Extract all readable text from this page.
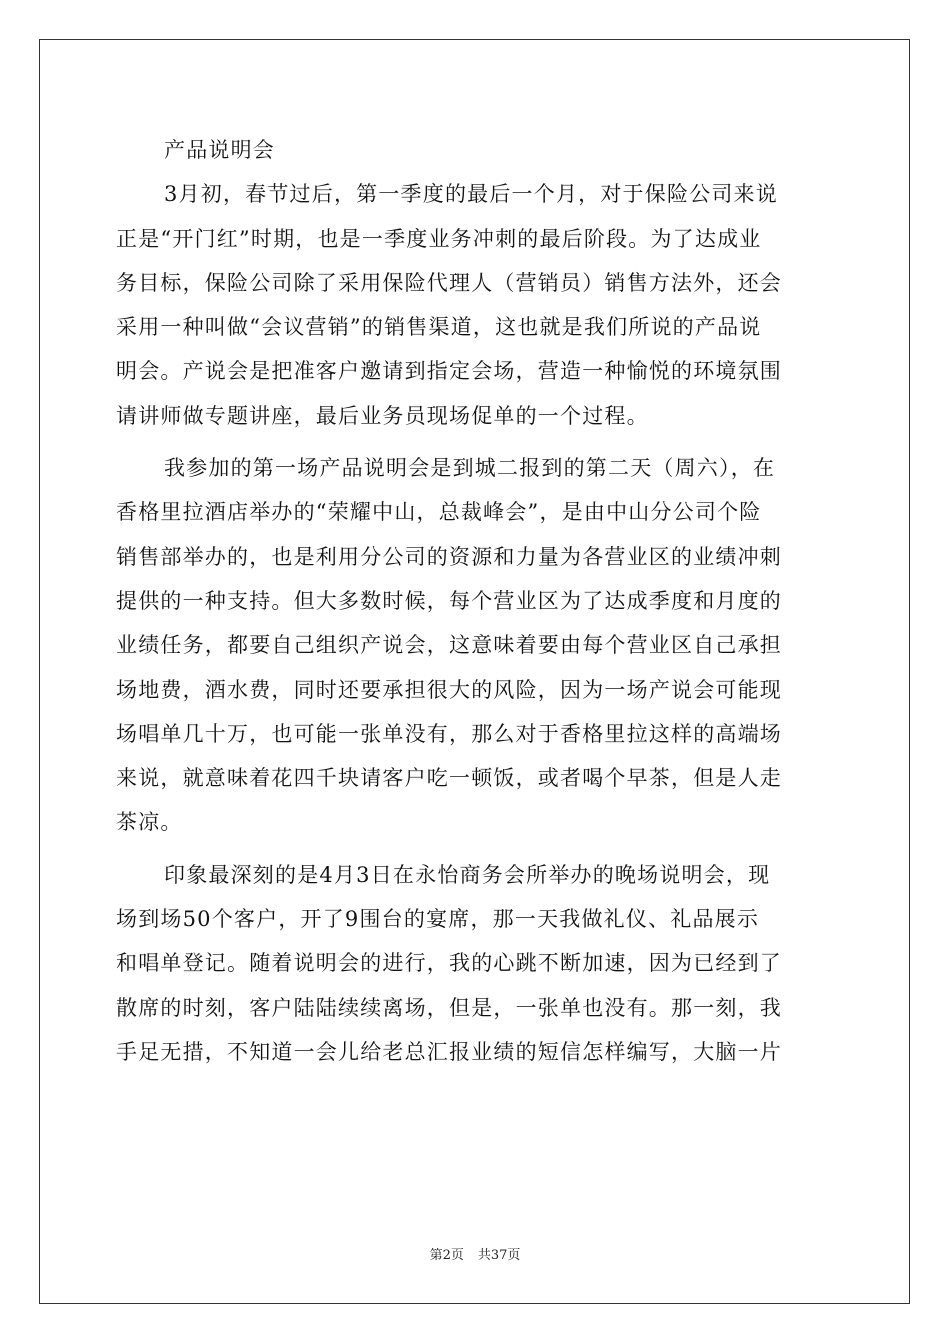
产品说明会
3月初，春节过后，第一季度的最后一个月，对于保险公司来说
正是“开门红”时期，也是一季度业务冲刺的最后阶段。为了达成业
务目标，保险公司除了采用保险代理人（营销员）销售方法外，还会
采用一种叫做“会议营销”的销售渠道，这也就是我们所说的产品说
明会。产说会是把准客户邀请到指定会场，营造一种愉悦的环境氛围
请讲师做专题讲座，最后业务员现场促单的一个过程。
我参加的第一场产品说明会是到城二报到的第二天（周六），在
香格里拉酒店举办的“荣耀中山，总裁峰会”，是由中山分公司个险
销售部举办的，也是利用分公司的资源和力量为各营业区的业绩冲刺
提供的一种支持。但大多数时候，每个营业区为了达成季度和月度的
业绩任务，都要自己组织产说会，这意味着要由每个营业区自己承担
场地费，酒水费，同时还要承担很大的风险，因为一场产说会可能现
场唱单几十万，也可能一张单没有，那么对于香格里拉这样的高端场
来说，就意味着花四千块请客户吃一顿饭，或者喝个早茶，但是人走
茶凉。
印象最深刻的是4月3日在永怡商务会所举办的晚场说明会，现
场到场50个客户，开了9围台的宴席，那一天我做礼仪、礼品展示
和唱单登记。随着说明会的进行，我的心跳不断加速，因为已经到了
散席的时刻，客户陆陆续续离场，但是，一张单也没有。那一刻，我
手足无措，不知道一会儿给老总汇报业绩的短信怎样编写，大脑一片
第2页 共37页
